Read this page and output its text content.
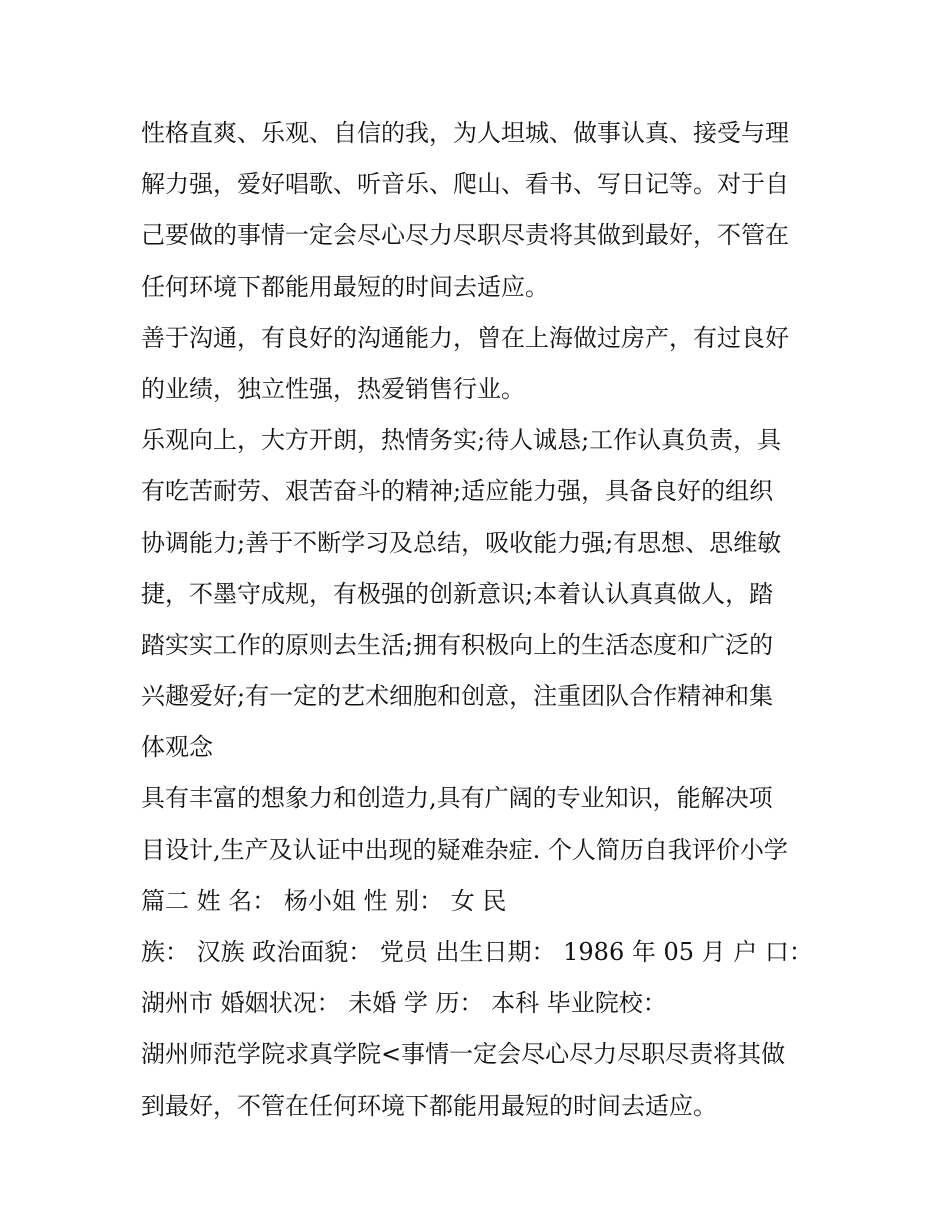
性格直爽、乐观、自信的我，为人坦城、做事认真、接受与理
解力强，爱好唱歌、听音乐、爬山、看书、写日记等。对于自
己要做的事情一定会尽心尽力尽职尽责将其做到最好，不管在
任何环境下都能用最短的时间去适应。
善于沟通，有良好的沟通能力，曾在上海做过房产，有过良好
的业绩，独立性强，热爱销售行业。
乐观向上，大方开朗，热情务实;待人诚恳;工作认真负责，具
有吃苦耐劳、艰苦奋斗的精神;适应能力强，具备良好的组织
协调能力;善于不断学习及总结，吸收能力强;有思想、思维敏
捷，不墨守成规，有极强的创新意识;本着认认真真做人，踏
踏实实工作的原则去生活;拥有积极向上的生活态度和广泛的
兴趣爱好;有一定的艺术细胞和创意，注重团队合作精神和集
体观念
具有丰富的想象力和创造力,具有广阔的专业知识，能解决项
目设计,生产及认证中出现的疑难杂症. 个人简历自我评价小学
篇二 姓 名： 杨小姐 性 别： 女 民
族： 汉族 政治面貌： 党员 出生日期： 1986 年 05 月 户 口：
湖州市 婚姻状况： 未婚 学 历： 本科 毕业院校：
湖州师范学院求真学院<事情一定会尽心尽力尽职尽责将其做
到最好，不管在任何环境下都能用最短的时间去适应。
